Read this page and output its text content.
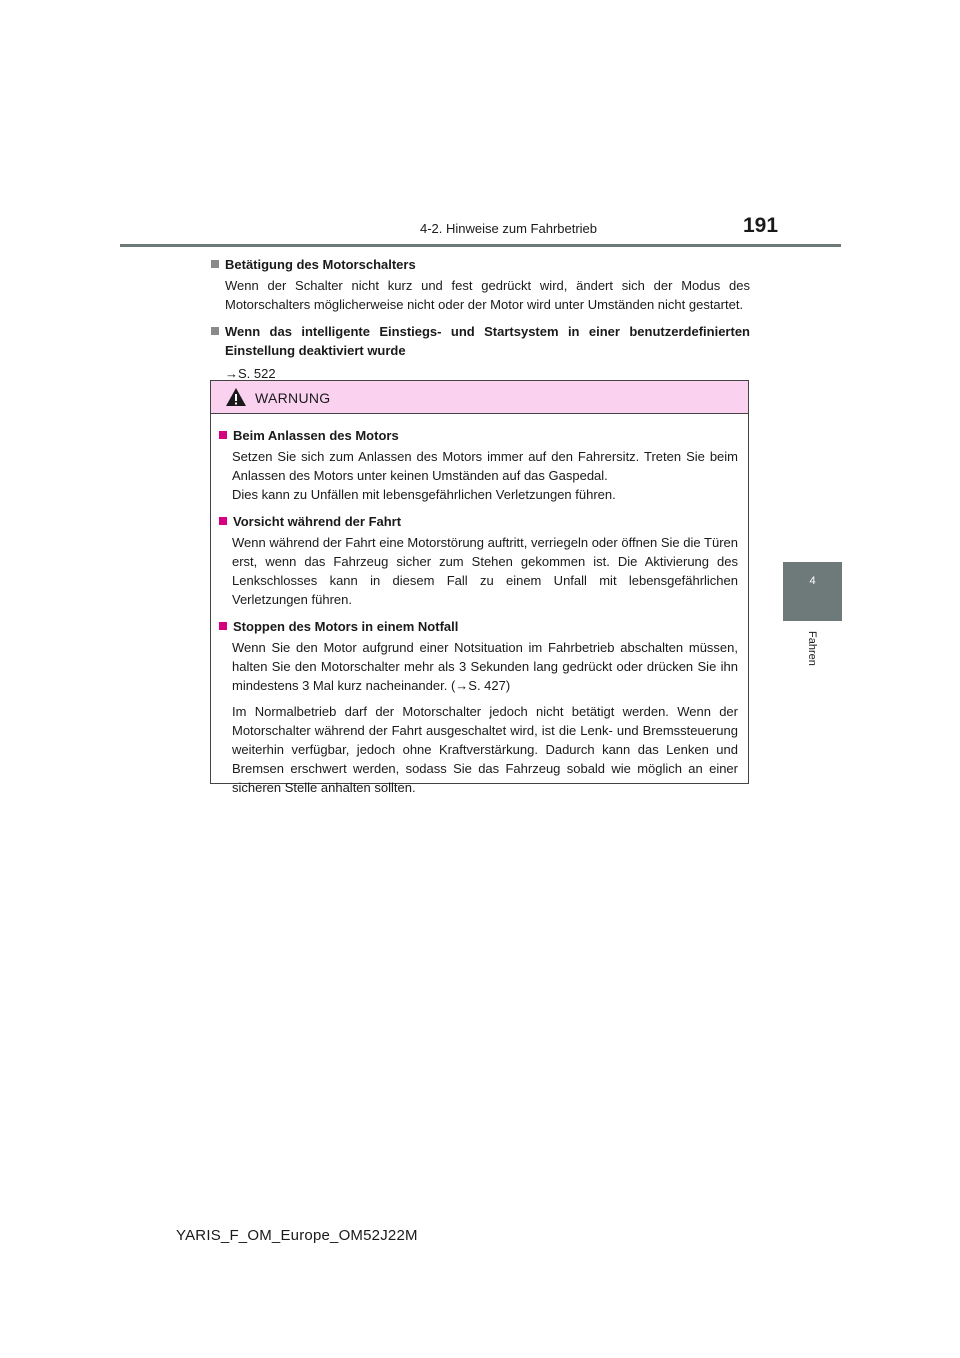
4-2. Hinweise zum Fahrbetrieb	191
4
Fahren
Betätigung des Motorschalters
Wenn der Schalter nicht kurz und fest gedrückt wird, ändert sich der Modus des Motorschalters möglicherweise nicht oder der Motor wird unter Umständen nicht gestartet.
Wenn das intelligente Einstiegs- und Startsystem in einer benutzerdefinierten Einstellung deaktiviert wurde
→S. 522
WARNUNG
Beim Anlassen des Motors
Setzen Sie sich zum Anlassen des Motors immer auf den Fahrersitz. Treten Sie beim Anlassen des Motors unter keinen Umständen auf das Gaspedal.
Dies kann zu Unfällen mit lebensgefährlichen Verletzungen führen.
Vorsicht während der Fahrt
Wenn während der Fahrt eine Motorstörung auftritt, verriegeln oder öffnen Sie die Türen erst, wenn das Fahrzeug sicher zum Stehen gekommen ist. Die Aktivierung des Lenkschlosses kann in diesem Fall zu einem Unfall mit lebensgefährlichen Verletzungen führen.
Stoppen des Motors in einem Notfall
Wenn Sie den Motor aufgrund einer Notsituation im Fahrbetrieb abschalten müssen, halten Sie den Motorschalter mehr als 3 Sekunden lang gedrückt oder drücken Sie ihn mindestens 3 Mal kurz nacheinander. (→S. 427)
Im Normalbetrieb darf der Motorschalter jedoch nicht betätigt werden. Wenn der Motorschalter während der Fahrt ausgeschaltet wird, ist die Lenk- und Bremssteuerung weiterhin verfügbar, jedoch ohne Kraftverstärkung. Dadurch kann das Lenken und Bremsen erschwert werden, sodass Sie das Fahrzeug sobald wie möglich an einer sicheren Stelle anhalten sollten.
YARIS_F_OM_Europe_OM52J22M
